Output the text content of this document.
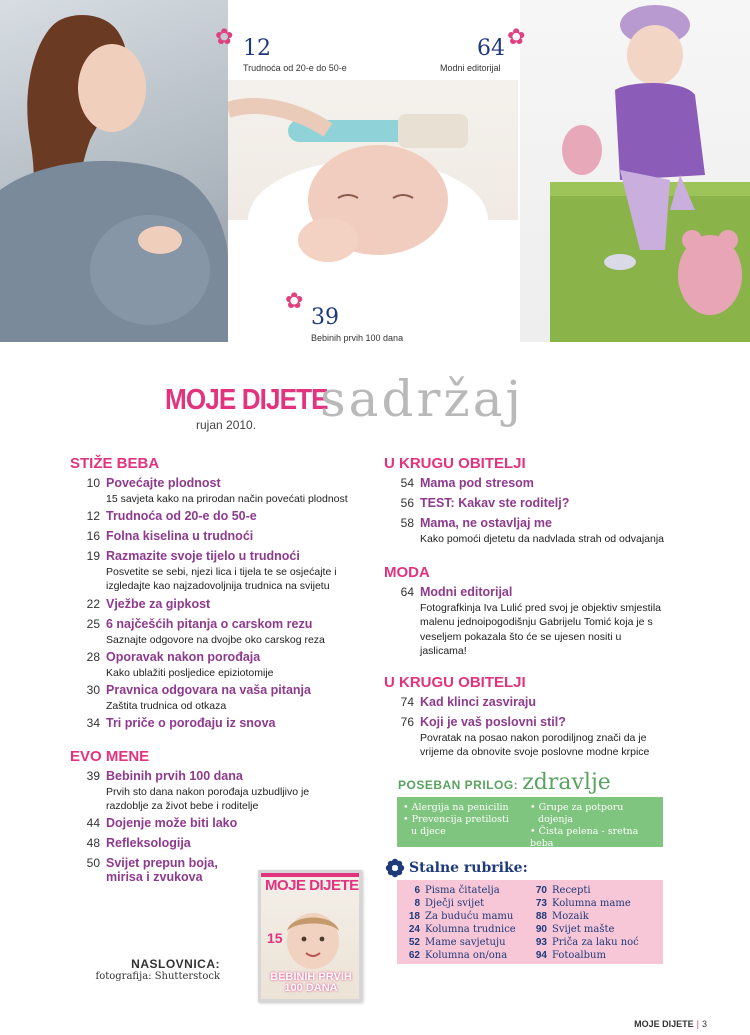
✿ 12
Trudnoća od 20-e do 50-e
64 ✿
Modni editorijal
✿
39
Bebinih prvih 100 dana
MOJE DIJETE
sadržaj
rujan 2010.
STIŽE BEBA
10 Povećajte plodnost
15 savjeta kako na prirodan način povećati plodnost
12 Trudnoća od 20-e do 50-e
16 Folna kiselina u trudnoći
19 Razmazite svoje tijelo u trudnoći
Posvetite se sebi, njezi lica i tijela te se osjećajte i izgledajte kao najzadovoljnija trudnica na svijetu
22 Vježbe za gipkost
25 6 najčešćih pitanja o carskom rezu
Saznajte odgovore na dvojbe oko carskog reza
28 Oporavak nakon porođaja
Kako ublažiti posljedice epiziotomije
30 Pravnica odgovara na vaša pitanja
Zaštita trudnica od otkaza
34 Tri priče o porođaju iz snova
EVO MENE
39 Bebinih prvih 100 dana
Prvih sto dana nakon porođaja uzbudljivo je razdoblje za život bebe i roditelje
44 Dojenje može biti lako
48 Refleksologija
50 Svijet prepun boja, mirisa i zvukova
U KRUGU OBITELJI
54 Mama pod stresom
56 TEST: Kakav ste roditelj?
58 Mama, ne ostavljaj me
Kako pomoći djetetu da nadvlada strah od odvajanja
MODA
64 Modni editorijal
Fotografkinja Iva Lulić pred svoj je objektiv smjestila malenu jednoipogodišnju Gabrijelu Tomić koja je s veseljem pokazala što će se ujesen nositi u jaslicama!
U KRUGU OBITELJI
74 Kad klinci zasviraju
76 Koji je vaš poslovni stil?
Povratak na posao nakon porodiljnog znači da je vrijeme da obnovite svoje poslovne modne krpice
POSEBAN PRILOG: zdravlje
• Alergija na penicilin
• Prevencija pretilosti
u djece
• Grupe za potporu
dojenja
• Čista pelena - sretna beba
Stalne rubrike:
6 Pisma čitatelja
8 Dječji svijet
18 Za buduću mamu
24 Kolumna trudnice
52 Mame savjetuju
62 Kolumna on/ona
70 Recepti
73 Kolumna mame
88 Mozaik
90 Svijet mašte
93 Priča za laku noć
94 Fotoalbum
MOJE DIJETE
15
BEBINIH PRVIH
100 DANA
NASLOVNICA:
fotografija: Shutterstock
MOJE DIJETE | 3
